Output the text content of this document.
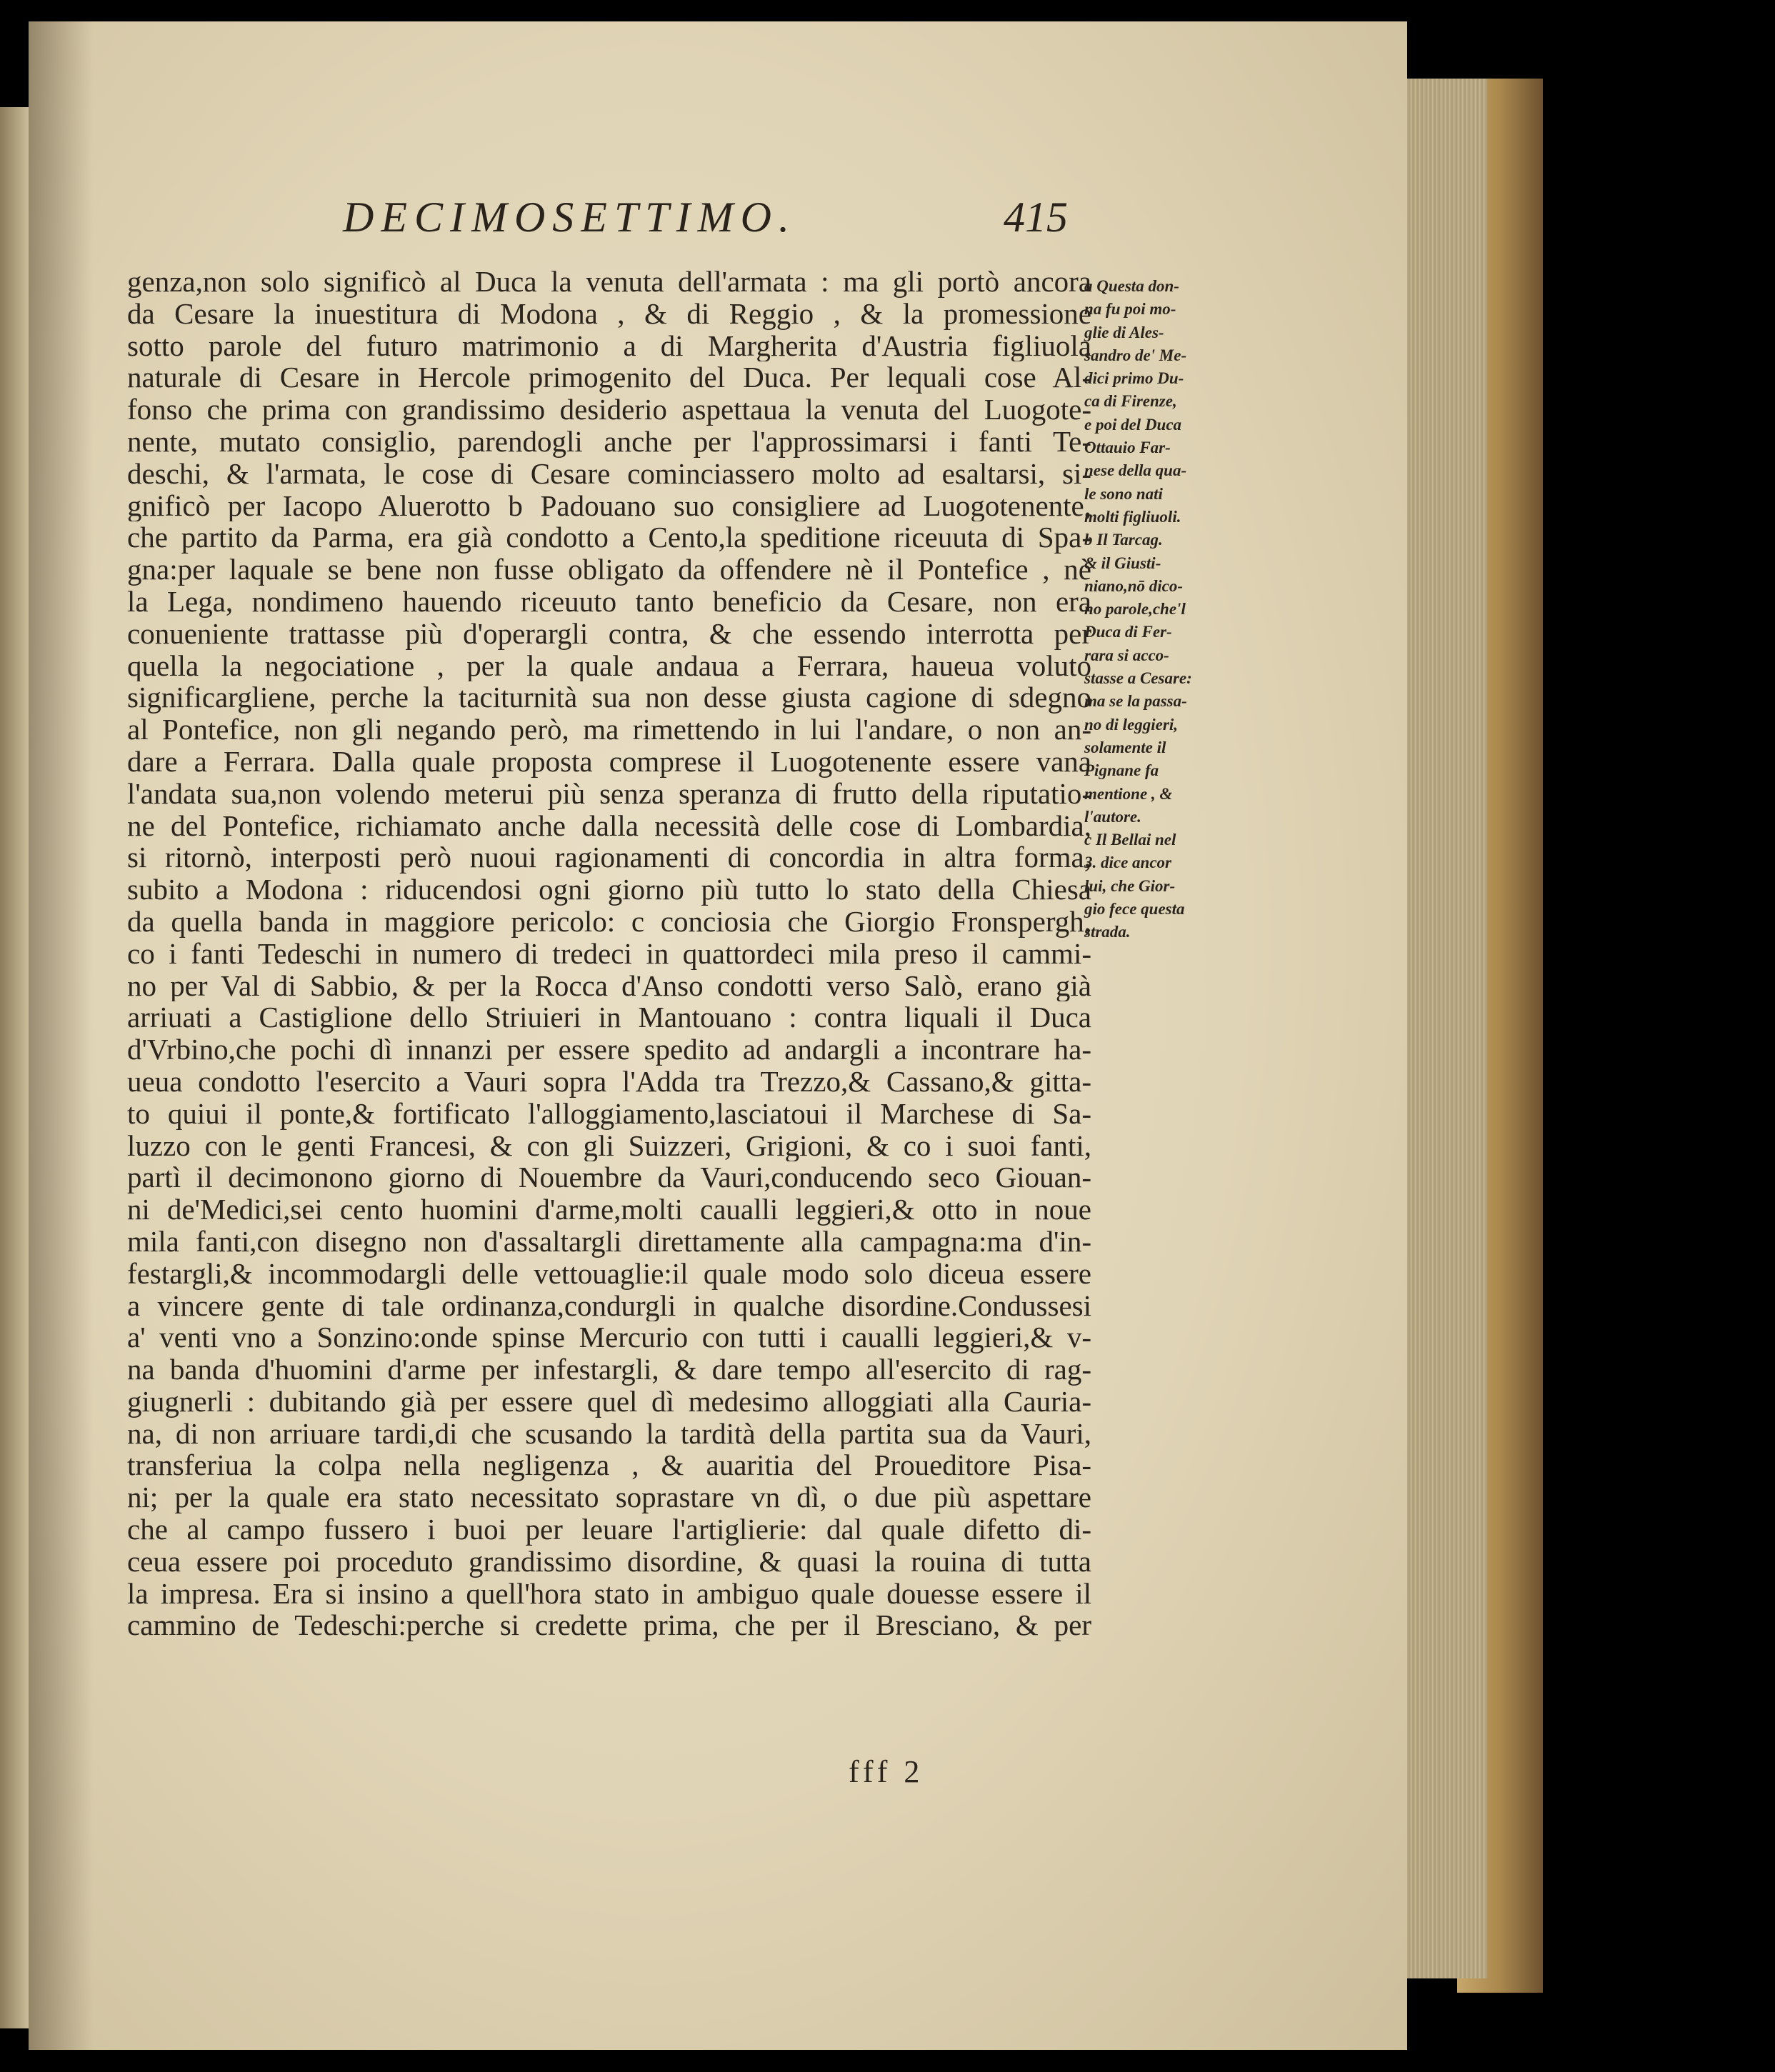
DECIMOSETTIMO.	415
genza,non solo significò al Duca la venuta dell'armata : ma gli portò ancora
da Cesare la inuestitura di Modona , & di Reggio , & la promessione
sotto parole del futuro matrimonio a di Margherita d'Austria figliuola
naturale di Cesare in Hercole primogenito del Duca. Per lequali cose Al-
fonso che prima con grandissimo desiderio aspettaua la venuta del Luogote-
nente, mutato consiglio, parendogli anche per l'approssimarsi i fanti Te-
deschi, & l'armata, le cose di Cesare cominciassero molto ad esaltarsi, si-
gnificò per Iacopo Aluerotto b Padouano suo consigliere ad Luogotenente,
che partito da Parma, era già condotto a Cento,la speditione riceuuta di Spa-
gna:per laquale se bene non fusse obligato da offendere nè il Pontefice , nè
la Lega, nondimeno hauendo riceuuto tanto beneficio da Cesare, non era
conueniente trattasse più d'operargli contra, & che essendo interrotta per
quella la negociatione , per la quale andaua a Ferrara, haueua voluto
significargliene, perche la taciturnità sua non desse giusta cagione di sdegno
al Pontefice, non gli negando però, ma rimettendo in lui l'andare, o non an-
dare a Ferrara. Dalla quale proposta comprese il Luogotenente essere vana
l'andata sua,non volendo meterui più senza speranza di frutto della riputatio-
ne del Pontefice, richiamato anche dalla necessità delle cose di Lombardia,
si ritornò, interposti però nuoui ragionamenti di concordia in altra forma,
subito a Modona : riducendosi ogni giorno più tutto lo stato della Chiesa
da quella banda in maggiore pericolo: c conciosia che Giorgio Fronspergh,
co i fanti Tedeschi in numero di tredeci in quattordeci mila preso il cammi-
no per Val di Sabbio, & per la Rocca d'Anso condotti verso Salò, erano già
arriuati a Castiglione dello Striuieri in Mantouano : contra liquali il Duca
d'Vrbino,che pochi dì innanzi per essere spedito ad andargli a incontrare ha-
ueua condotto l'esercito a Vauri sopra l'Adda tra Trezzo,& Cassano,& gitta-
to quiui il ponte,& fortificato l'alloggiamento,lasciatoui il Marchese di Sa-
luzzo con le genti Francesi, & con gli Suizzeri, Grigioni, & co i suoi fanti,
partì il decimonono giorno di Nouembre da Vauri,conducendo seco Giouan-
ni de'Medici,sei cento huomini d'arme,molti caualli leggieri,& otto in noue
mila fanti,con disegno non d'assaltargli direttamente alla campagna:ma d'in-
festargli,& incommodargli delle vettouaglie:il quale modo solo diceua essere
a vincere gente di tale ordinanza,condurgli in qualche disordine.Condussesi
a' venti vno a Sonzino:onde spinse Mercurio con tutti i caualli leggieri,& v-
na banda d'huomini d'arme per infestargli, & dare tempo all'esercito di rag-
giugnerli : dubitando già per essere quel dì medesimo alloggiati alla Cauria-
na, di non arriuare tardi,di che scusando la tardità della partita sua da Vauri,
transferiua la colpa nella negligenza , & auaritia del Proueditore Pisa-
ni; per la quale era stato necessitato soprastare vn dì, o due più aspettare
che al campo fussero i buoi per leuare l'artiglierie: dal quale difetto di-
ceua essere poi proceduto grandissimo disordine, & quasi la rouina di tutta
la impresa. Era si insino a quell'hora stato in ambiguo quale douesse essere il
cammino de Tedeschi:perche si credette prima, che per il Bresciano, & per
a Questa don-
na fu poi mo-
glie di Ales-
sandro de' Me-
dici primo Du-
ca di Firenze,
e poi del Duca
Ottauio Far-
nese della qua-
le sono nati
molti figliuoli.
b Il Tarcag.
& il Giusti-
niano,nō dico-
no parole,che'l
Duca di Fer-
rara si acco-
stasse a Cesare:
ma se la passa-
no di leggieri,
solamente il
Pignane fa
mentione , &
l'autore.
c Il Bellai nel
3. dice ancor
lui, che Gior-
gio fece questa
strada.
fff 2
